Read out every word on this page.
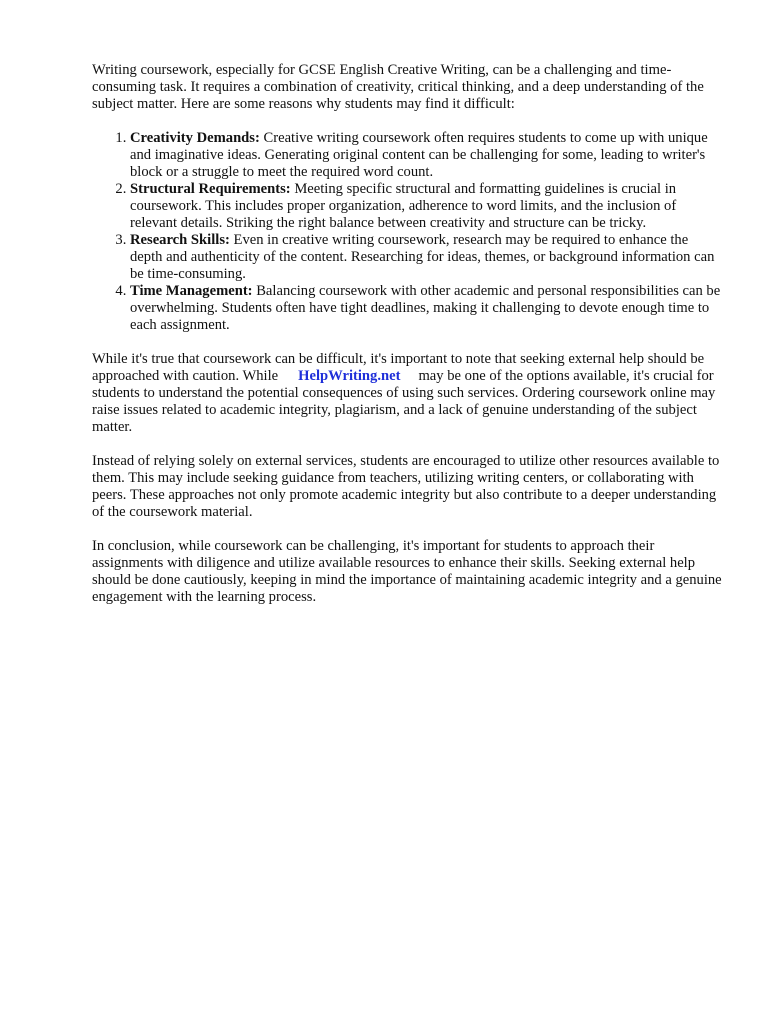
Writing coursework, especially for GCSE English Creative Writing, can be a challenging and time-consuming task. It requires a combination of creativity, critical thinking, and a deep understanding of the subject matter. Here are some reasons why students may find it difficult:

1. Creativity Demands: Creative writing coursework often requires students to come up with unique and imaginative ideas. Generating original content can be challenging for some, leading to writer's block or a struggle to meet the required word count.
2. Structural Requirements: Meeting specific structural and formatting guidelines is crucial in coursework. This includes proper organization, adherence to word limits, and the inclusion of relevant details. Striking the right balance between creativity and structure can be tricky.
3. Research Skills: Even in creative writing coursework, research may be required to enhance the depth and authenticity of the content. Researching for ideas, themes, or background information can be time-consuming.
4. Time Management: Balancing coursework with other academic and personal responsibilities can be overwhelming. Students often have tight deadlines, making it challenging to devote enough time to each assignment.

While it's true that coursework can be difficult, it's important to note that seeking external help should be approached with caution. While HelpWriting.net may be one of the options available, it's crucial for students to understand the potential consequences of using such services. Ordering coursework online may raise issues related to academic integrity, plagiarism, and a lack of genuine understanding of the subject matter.

Instead of relying solely on external services, students are encouraged to utilize other resources available to them. This may include seeking guidance from teachers, utilizing writing centers, or collaborating with peers. These approaches not only promote academic integrity but also contribute to a deeper understanding of the coursework material.

In conclusion, while coursework can be challenging, it's important for students to approach their assignments with diligence and utilize available resources to enhance their skills. Seeking external help should be done cautiously, keeping in mind the importance of maintaining academic integrity and a genuine engagement with the learning process.
